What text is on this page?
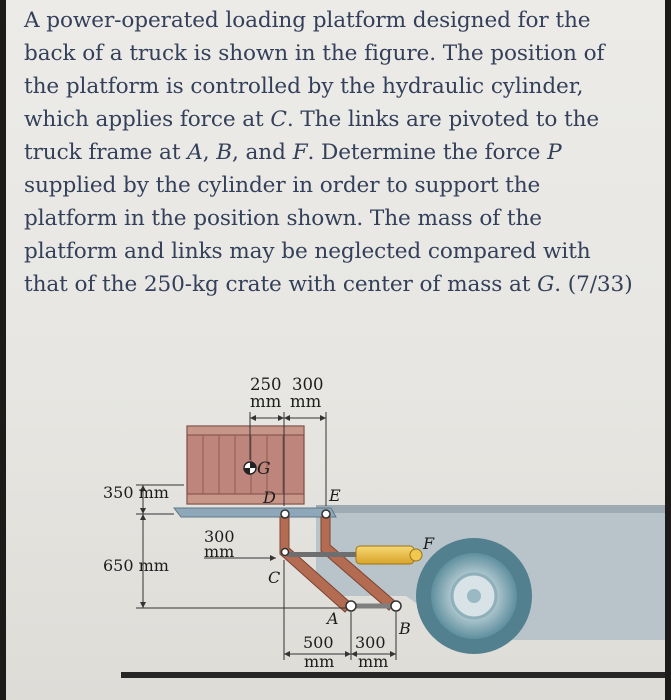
A power-operated loading platform designed for the back of a truck is shown in the figure. The position of the platform is controlled by the hydraulic cylinder, which applies force at C. The links are pivoted to the truck frame at A, B, and F. Determine the force P supplied by the cylinder in order to support the platform in the position shown. The mass of the platform and links may be neglected compared with that of the 250-kg crate with center of mass at G. (7/33)

250 300
mm mm
350 mm
650 mm
300
mm
500 300
mm mm
G
D	E
C
A
B
F
